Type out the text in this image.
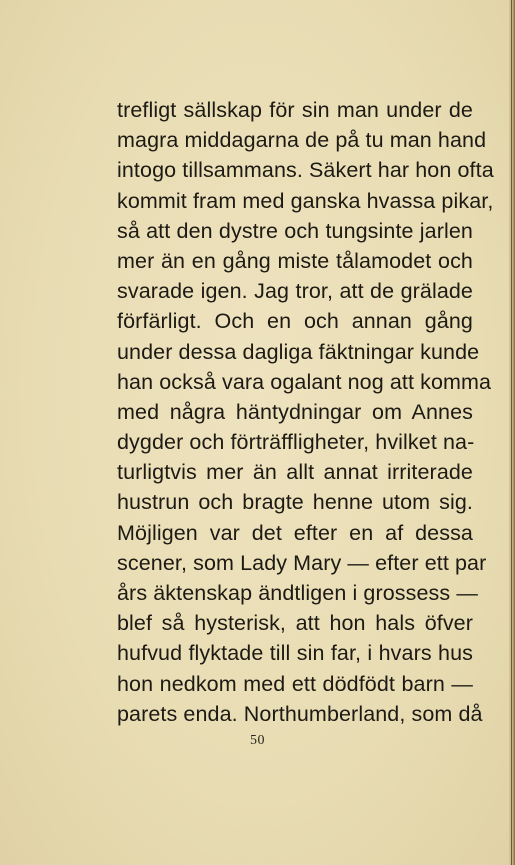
trefligt sällskap för sin man under de
magra middagarna de på tu man hand
intogo tillsammans. Säkert har hon ofta
kommit fram med ganska hvassa pikar,
så att den dystre och tungsinte jarlen
mer än en gång miste tålamodet och
svarade igen. Jag tror, att de grälade
förfärligt. Och en och annan gång
under dessa dagliga fäktningar kunde
han också vara ogalant nog att komma
med några häntydningar om Annes
dygder och förträffligheter, hvilket na-
turligtvis mer än allt annat irriterade
hustrun och bragte henne utom sig.
Möjligen var det efter en af dessa
scener, som Lady Mary — efter ett par
års äktenskap ändtligen i grossess —
blef så hysterisk, att hon hals öfver
hufvud flyktade till sin far, i hvars hus
hon nedkom med ett dödfödt barn —
parets enda. Northumberland, som då
50
